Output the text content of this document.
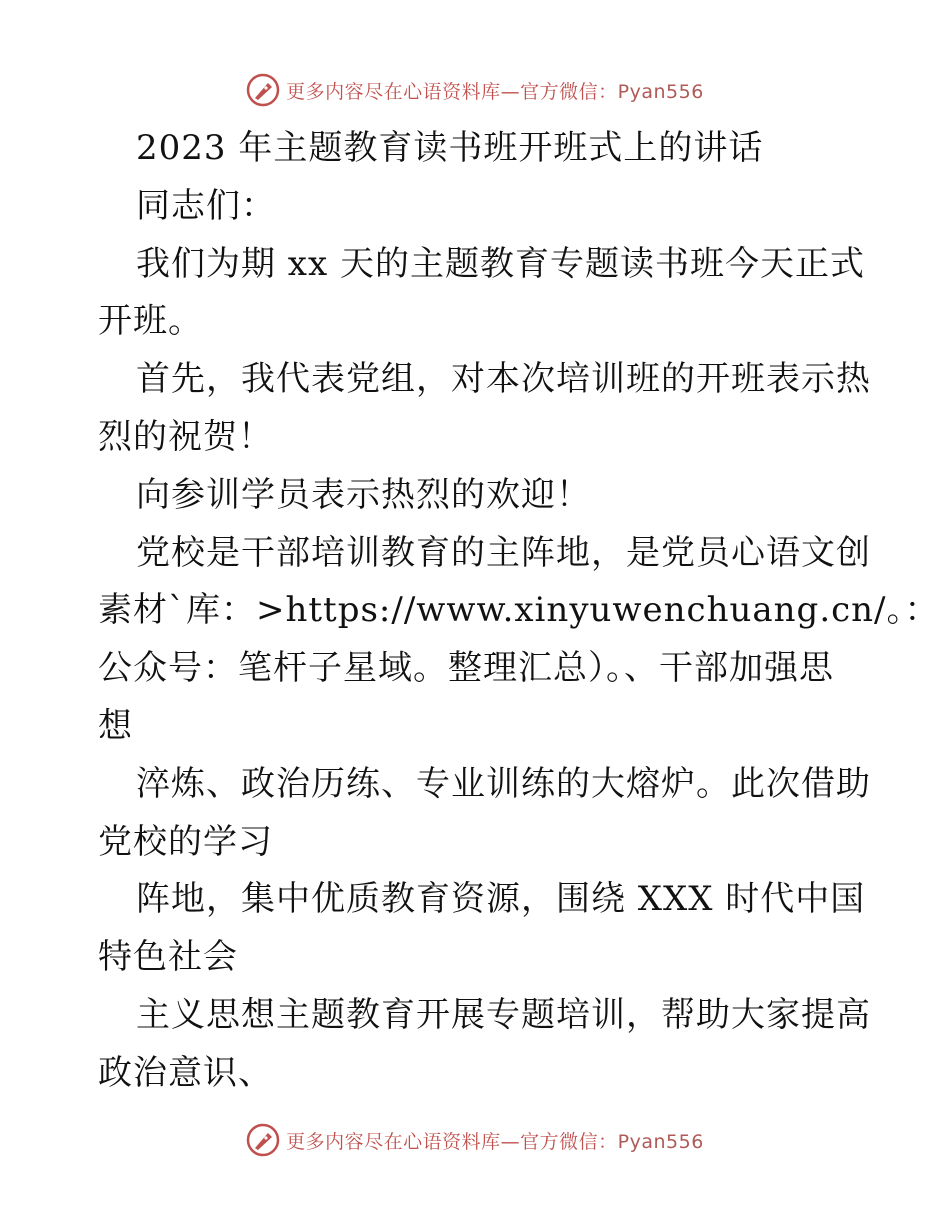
更多内容尽在心语资料库—官方微信：Pyan556
2023 年主题教育读书班开班式上的讲话
同志们：
我们为期 xx 天的主题教育专题读书班今天正式
开班。
首先，我代表党组，对本次培训班的开班表示热
烈的祝贺！
向参训学员表示热烈的欢迎！
党校是干部培训教育的主阵地，是党员心语文创
素材`库：>https://www.xinyuwenchuang.cn/。：
公众号：笔杆子星域。整理汇总）。、干部加强思
想
淬炼、政治历练、专业训练的大熔炉。此次借助
党校的学习
阵地，集中优质教育资源，围绕 XXX 时代中国
特色社会
主义思想主题教育开展专题培训，帮助大家提高
政治意识、
更多内容尽在心语资料库—官方微信：Pyan556
